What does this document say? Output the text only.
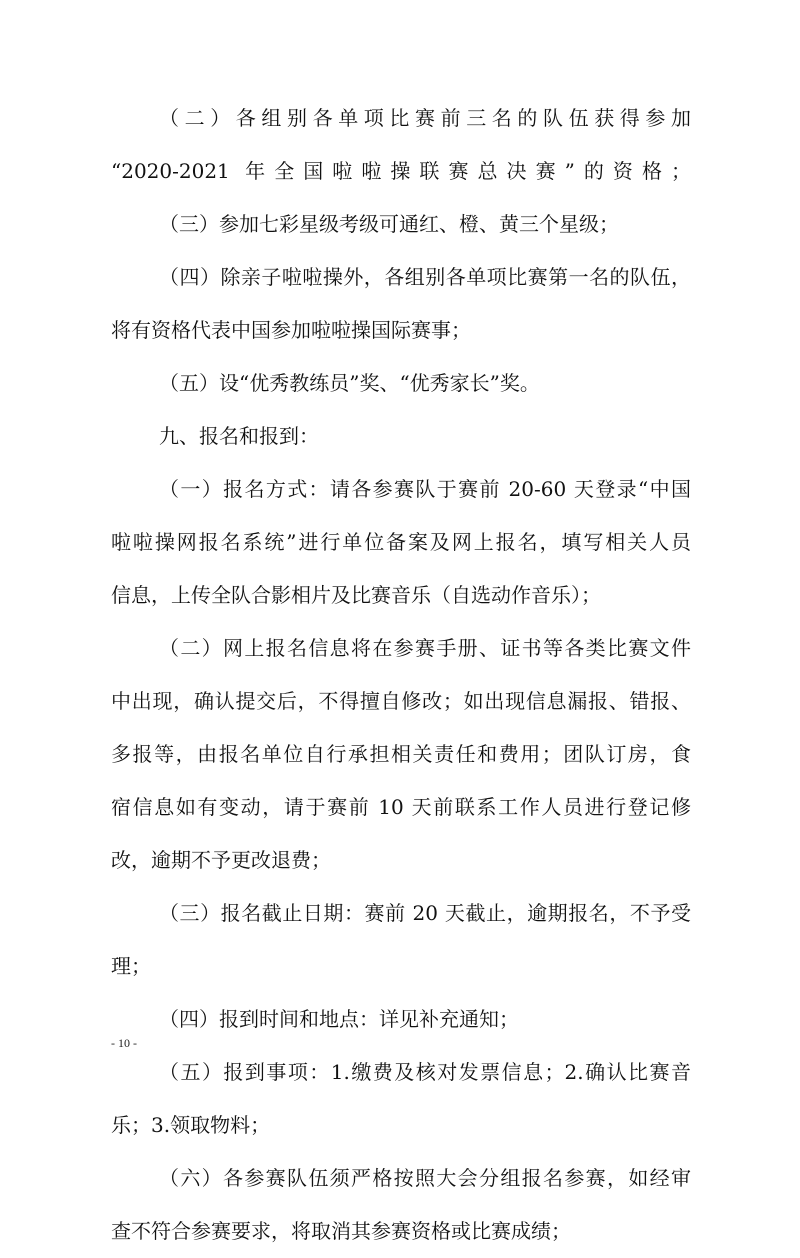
（二）各组别各单项比赛前三名的队伍获得参加
“2020-2021 年全国啦啦操联赛总决赛”的资格；
（三）参加七彩星级考级可通红、橙、黄三个星级；
（四）除亲子啦啦操外，各组别各单项比赛第一名的队伍，
将有资格代表中国参加啦啦操国际赛事；
（五）设“优秀教练员”奖、“优秀家长”奖。
九、报名和报到：
（一）报名方式：请各参赛队于赛前 20-60 天登录“中国
啦啦操网报名系统”进行单位备案及网上报名，填写相关人员
信息，上传全队合影相片及比赛音乐（自选动作音乐）；
（二）网上报名信息将在参赛手册、证书等各类比赛文件
中出现，确认提交后，不得擅自修改；如出现信息漏报、错报、
多报等，由报名单位自行承担相关责任和费用；团队订房，食
宿信息如有变动，请于赛前 10 天前联系工作人员进行登记修
改，逾期不予更改退费；
（三）报名截止日期：赛前 20 天截止，逾期报名，不予受
理；
（四）报到时间和地点：详见补充通知；
（五）报到事项：1.缴费及核对发票信息；2.确认比赛音
乐；3.领取物料；
（六）各参赛队伍须严格按照大会分组报名参赛，如经审
查不符合参赛要求，将取消其参赛资格或比赛成绩；
- 10 -
